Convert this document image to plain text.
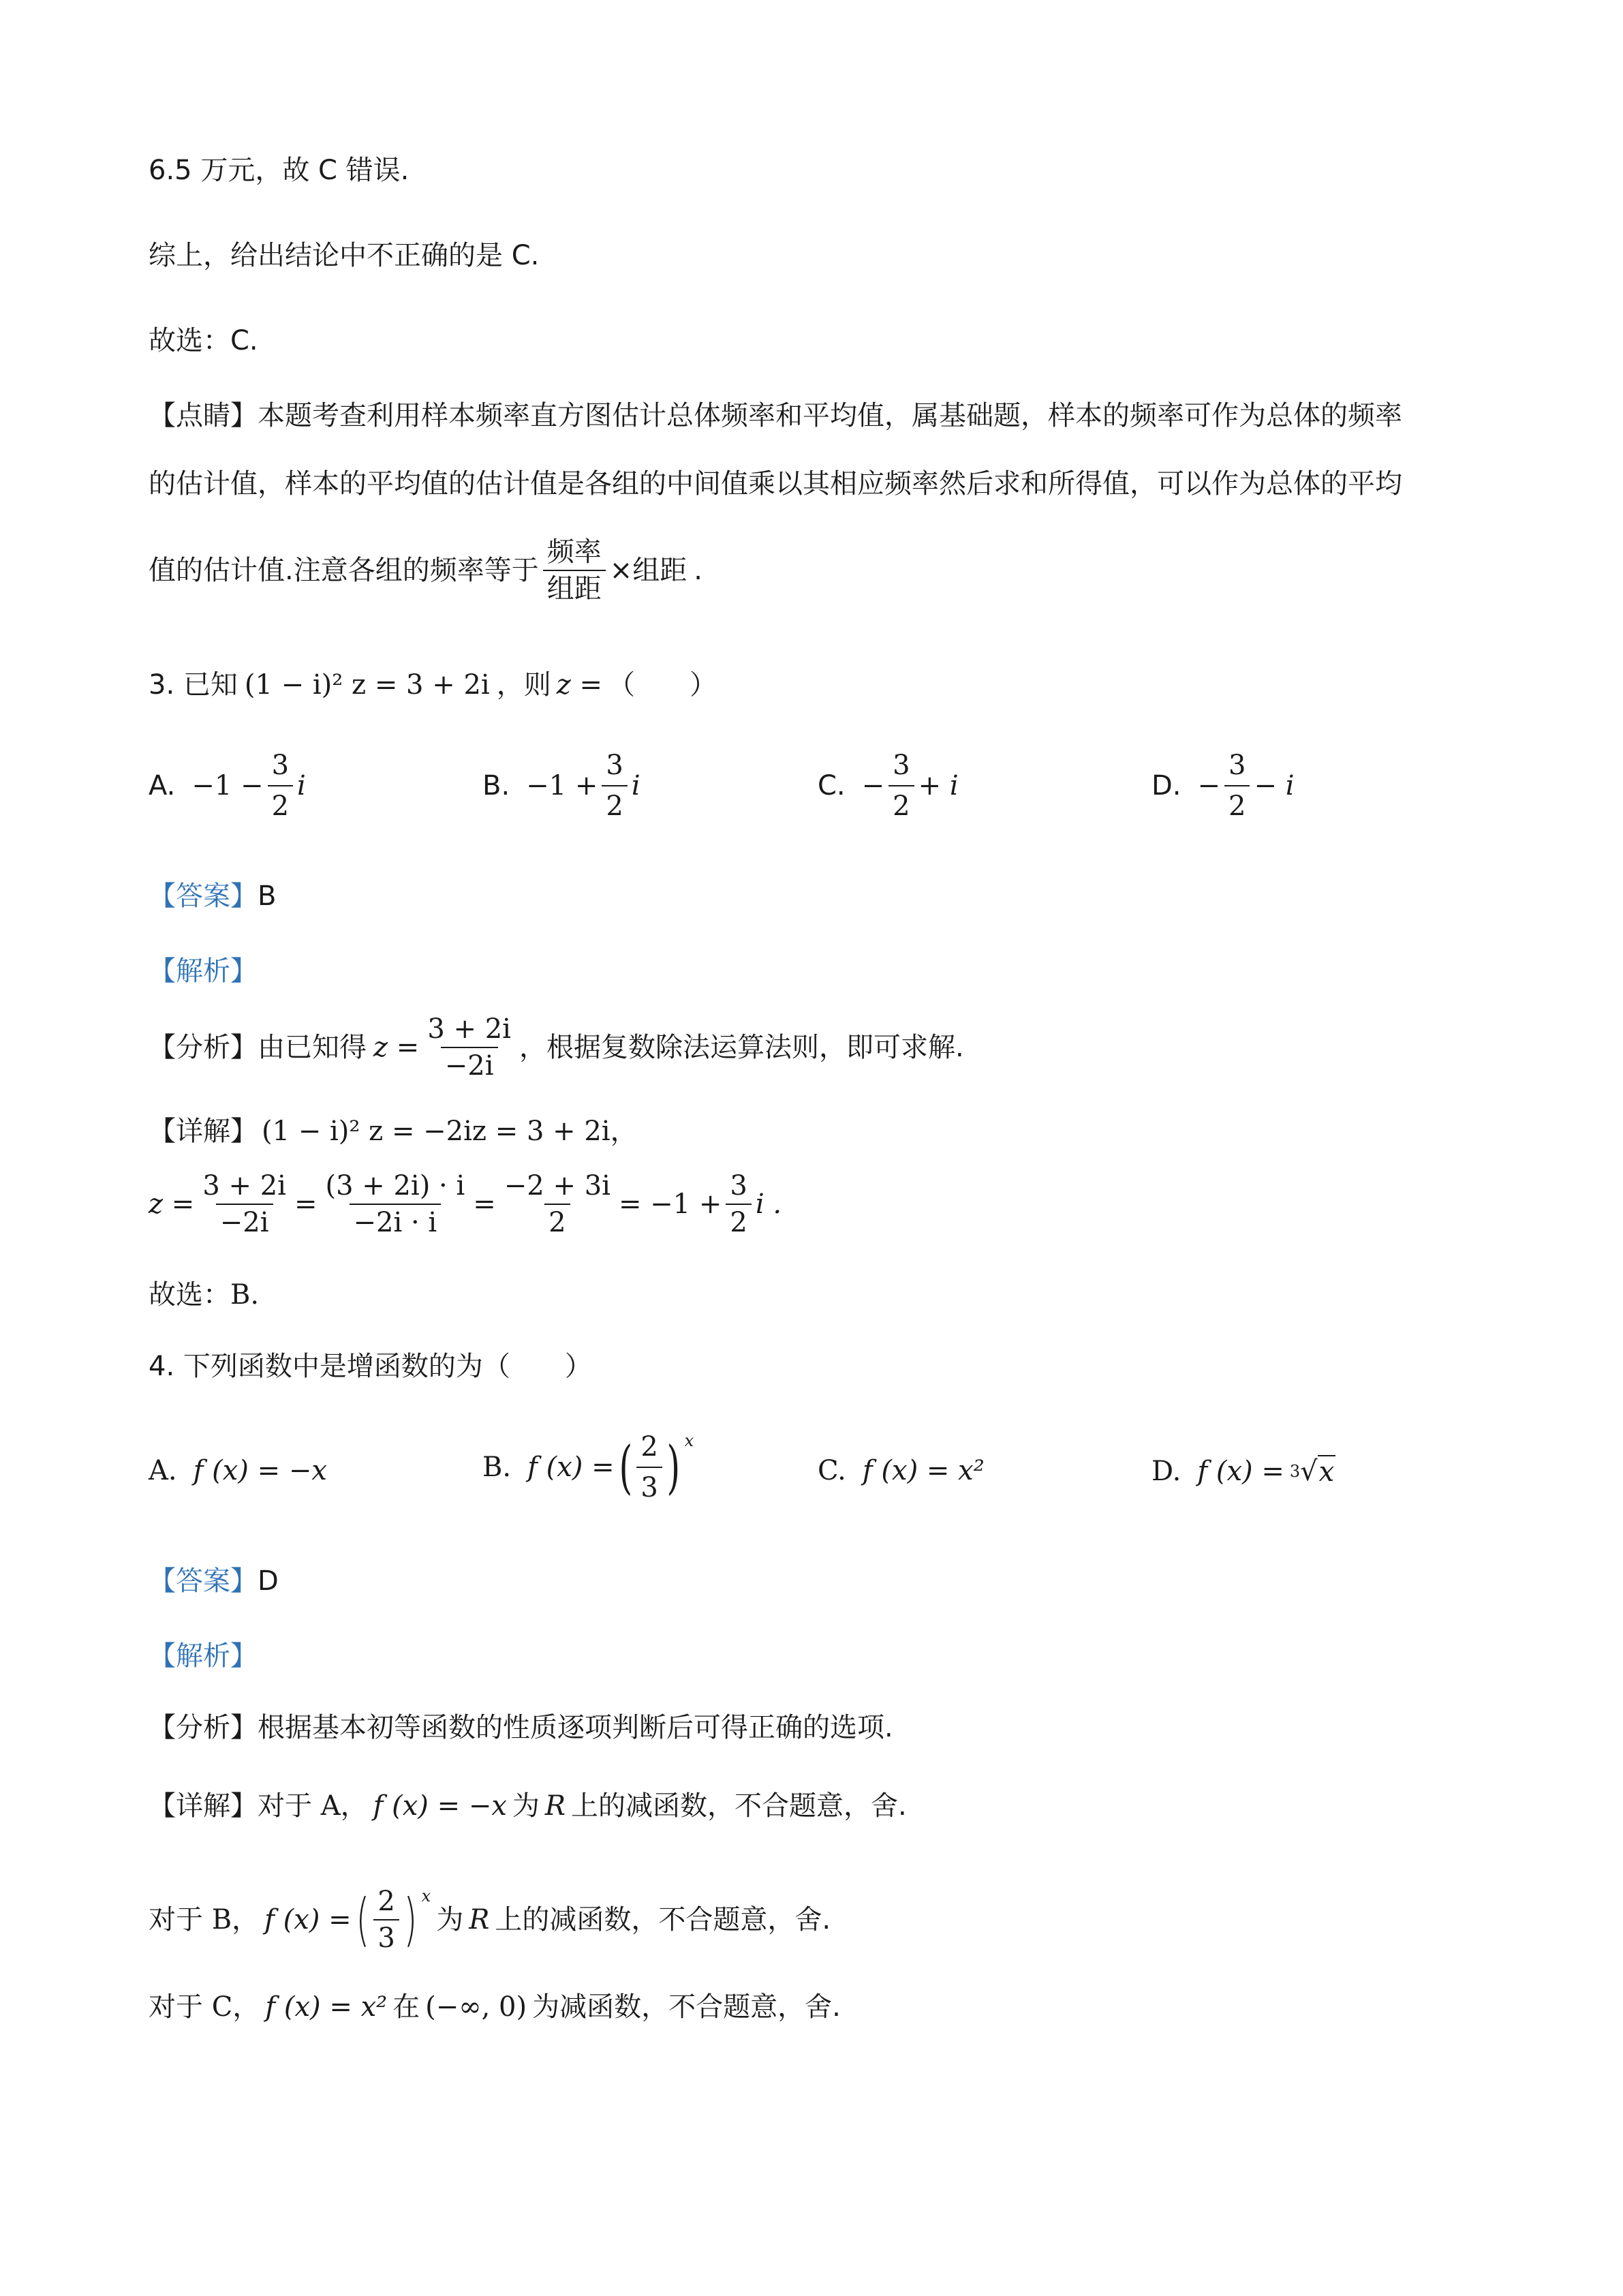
6.5 万元，故 C 错误.
综上，给出结论中不正确的是 C.
故选：C.
【点睛】 本题考查利用样本频率直方图估计总体频率和平均值，属基础题，样本的频率可作为总体的频率
的估计值，样本的平均值的估计值是各组的中间值乘以其相应频率然后求和所得值，可以作为总体的平均
值的估计值.注意各组的频率等于 $\frac{\text{频率}}{\text{组距}}$ ×组距 .
3. 已知 (1 − i)² z = 3 + 2i ，则 z = （　　）
A. $-1 - \frac{3}{2}$ i	B. $-1 + \frac{3}{2}$ i	C. − $\frac{3}{2} + i$	D. − $\frac{3}{2} - i$
【答案】 B
【解析】
【分析】 由已知得 $z = \frac{3 + 2i}{-2i}$ ，根据复数除法运算法则，即可求解.
【详解】 (1 − i)² z = −2iz = 3 + 2i ，
$z = \frac{3 + 2i}{-2i} = \frac{(3 + 2i) \cdot i}{-2i \cdot i} = \frac{-2 + 3i}{2} = -1 + \frac{3}{2}$ i .
故选：B.
4. 下列函数中是增函数的为（　　）
A. f (x) = −x	B. f (x) = ( $\frac{2}{3}$ ) $^x$
C. f (x) = x²	D. f (x) = 3 √ x
【答案】 D
【解析】
【分析】 根据基本初等函数的性质逐项判断后可得正确的选项.
【详解】 对于 A， f (x) = −x 为 R 上的减函数，不合题意，舍.
对于 B， f (x) = ( $\frac{2}{3}$ ) $^x$
为 R 上的减函数，不合题意，舍.
对于 C， f (x) = x² 在 (−∞, 0) 为减函数，不合题意，舍.
